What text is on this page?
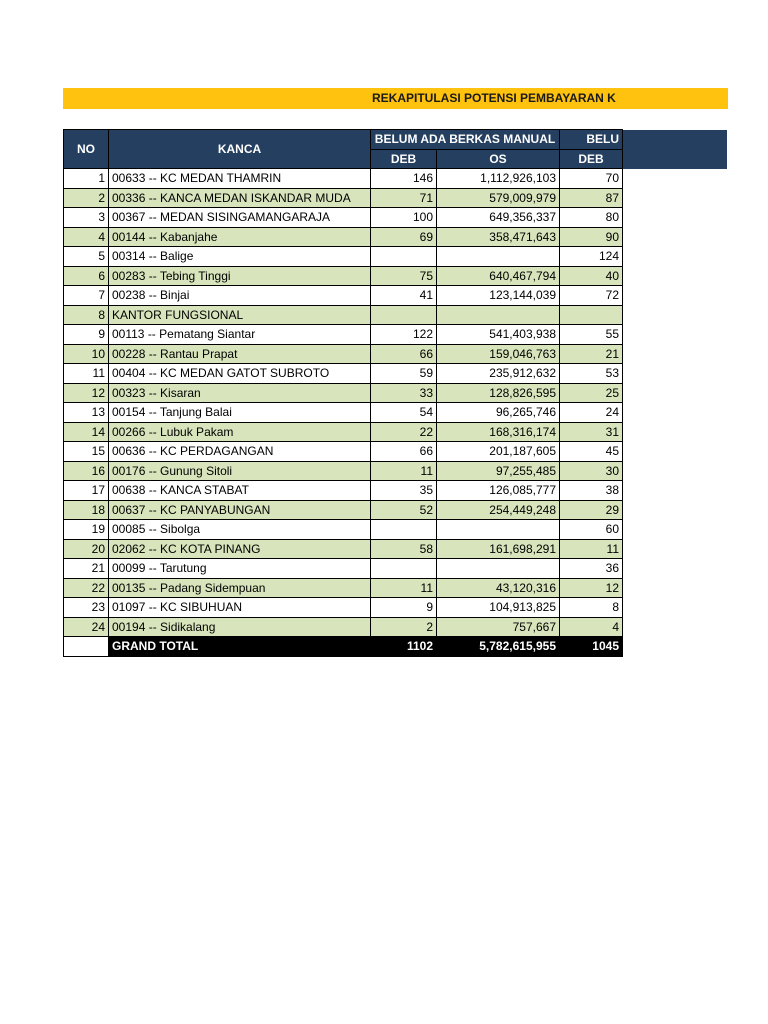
REKAPITULASI POTENSI PEMBAYARAN K
NO	KANCA	BELUM ADA BERKAS MANUAL		BELU	
		DEB	OS	DEB	
1	00633 -- KC MEDAN THAMRIN	146	1,112,926,103	70	
2	00336 -- KANCA MEDAN ISKANDAR MUDA	71	579,009,979	87	
3	00367 -- MEDAN SISINGAMANGARAJA	100	649,356,337	80	
4	00144 -- Kabanjahe	69	358,471,643	90	
5	00314 -- Balige			124	
6	00283 -- Tebing Tinggi	75	640,467,794	40	
7	00238 -- Binjai	41	123,144,039	72	
8	KANTOR FUNGSIONAL				
9	00113 -- Pematang Siantar	122	541,403,938	55	
10	00228 -- Rantau Prapat	66	159,046,763	21	
11	00404 -- KC MEDAN GATOT SUBROTO	59	235,912,632	53	
12	00323 -- Kisaran	33	128,826,595	25	
13	00154 -- Tanjung Balai	54	96,265,746	24	
14	00266 -- Lubuk Pakam	22	168,316,174	31	
15	00636 -- KC PERDAGANGAN	66	201,187,605	45	
16	00176 -- Gunung Sitoli	11	97,255,485	30	
17	00638 -- KANCA STABAT	35	126,085,777	38	
18	00637 -- KC PANYABUNGAN	52	254,449,248	29	
19	00085 -- Sibolga			60	
20	02062 -- KC KOTA PINANG	58	161,698,291	11	
21	00099 -- Tarutung			36	
22	00135 -- Padang Sidempuan	11	43,120,316	12	
23	01097 -- KC SIBUHUAN	9	104,913,825	8	
24	00194 -- Sidikalang	2	757,667	4	
	GRAND TOTAL	1102	5,782,615,955	1045	
